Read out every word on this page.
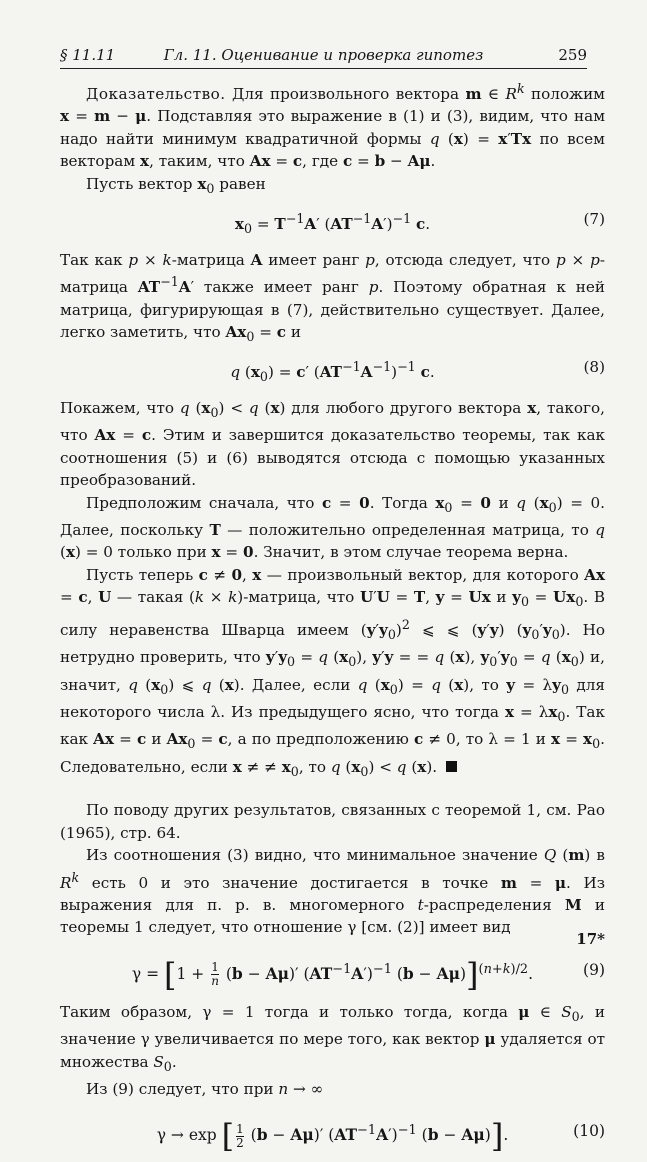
§ 11.11	Гл. 11. Оценивание и проверка гипотез	259

Доказательство. Для произвольного вектора m ∈ $R^k$ положим x = m − μ. Подставляя это выражение в (1) и (3), видим, что нам надо найти минимум квадратичной формы q (x) = x′Tx по всем векторам x, таким, что Ax = c, где c = b − Aμ.

Пусть вектор $x_0$ равен

$x_0 = T^{-1}A'$ $(AT^{-1}A')^{-1}$ c.	(7)

Так как p × k-матрица A имеет ранг p, отсюда следует, что p × p-матрица $AT^{-1}A'$ также имеет ранг p. Поэтому обратная к ней матрица, фигурирующая в (7), действительно существует. Далее, легко заметить, что $Ax_0 = c$ и

q $(x_0) = c'$ $(AT^{-1}A^{-1})^{-1}$ c.	(8)

Покажем, что q $(x_0) < q$ (x) для любого другого вектора x, такого, что Ax = c. Этим и завершится доказательство теоремы, так как соотношения (5) и (6) выводятся отсюда с помощью указанных преобразований.

Предположим сначала, что c = 0. Тогда $x_0 = 0$ и q $(x_0) = 0$. Далее, поскольку T — положительно определенная матрица, то q (x) = 0 только при x = 0. Значит, в этом случае теорема верна.

Пусть теперь c ≠ 0, x — произвольный вектор, для которого Ax = c, U — такая (k × k)-матрица, что U′U = T, y = Ux и $y_0 = Ux_0$. В силу неравенства Шварца имеем $(y'y_0)^2$ ⩽ ⩽ (y′y) $(y_0'y_0)$. Но нетрудно проверить, что $y'y_0 = q$ $(x_0)$, y′y = = q (x), $y_0'y_0 = q$ $(x_0)$ и, значит, q $(x_0)$ ⩽ q (x). Далее, если q $(x_0) = q$ (x), то $y = \lambda y_0$ для некоторого числа λ. Из предыдущего ясно, что тогда $x = \lambda x_0$. Так как Ax = c и $Ax_0 = c$, а по предположению c ≠ 0, то λ = 1 и $x = x_0$. Следовательно, если x ≠ ≠ $x_0$, то q $(x_0) < q$ (x).

По поводу других результатов, связанных с теоремой 1, см. Рао (1965), стр. 64.

Из соотношения (3) видно, что минимальное значение Q (m) в $R^k$ есть 0 и это значение достигается в точке m = μ. Из выражения для п. р. в. многомерного t-распределения M и теоремы 1 следует, что отношение γ [см. (2)] имеет вид

$\gamma = [1 + \frac{1}{n} (b - A\mu)'$ $(AT^{-1}A')^{-1}$ (b − Aμ)]$^{(n+k)/2}$.	(9)

Таким образом, γ = 1 тогда и только тогда, когда μ ∈ $S_0$, и значение γ увеличивается по мере того, как вектор μ удаляется от множества $S_0$.

Из (9) следует, что при n → ∞

γ → exp [ $\frac{1}{2} (b - A\mu)'$ $(AT^{-1}A')^{-1}$ (b − Aμ)].	(10)
17*
